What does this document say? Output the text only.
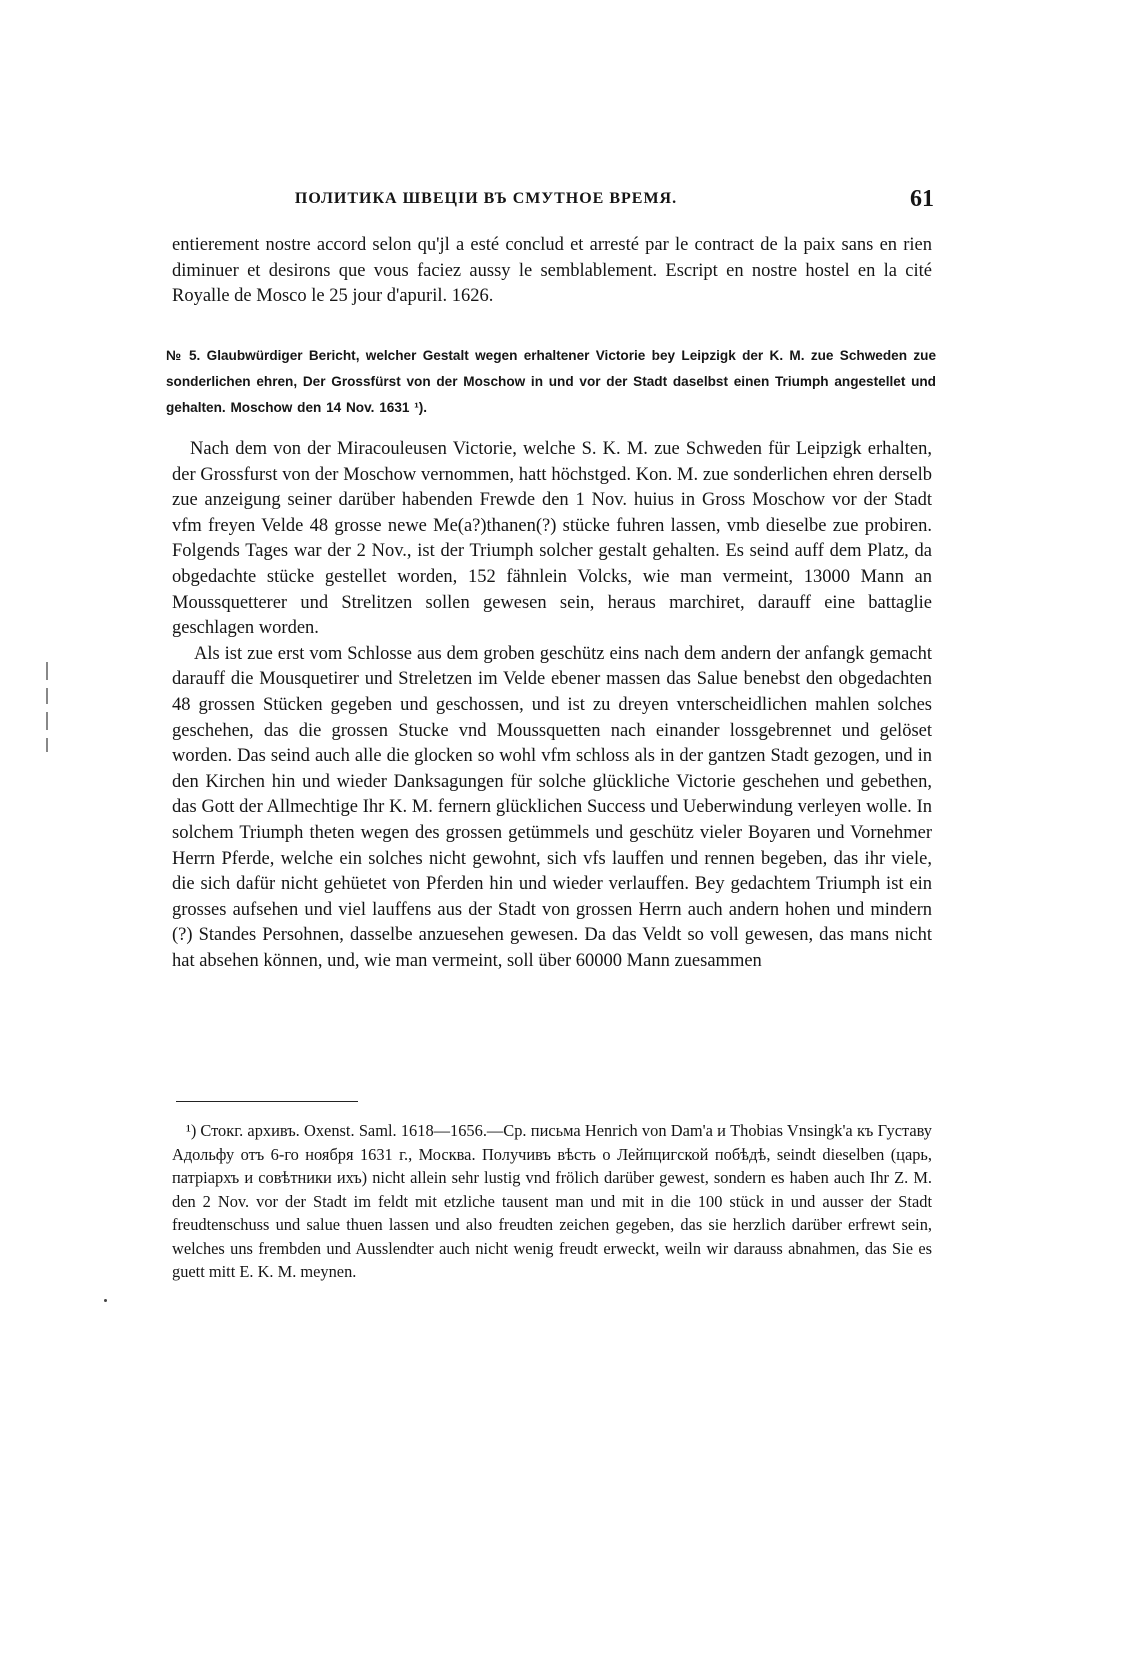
ПОЛИТИКА ШВЕЦIИ ВЪ СМУТНОЕ ВРЕМЯ.	61
entierement nostre accord selon qu'jl a esté conclud et arresté par le contract de la paix sans en rien diminuer et desirons que vous faciez aussy le semblablement. Escript en nostre hostel en la cité Royalle de Mosco le 25 jour d'apuril. 1626.
№ 5. Glaubwürdiger Bericht, welcher Gestalt wegen erhaltener Victorie bey Leipzigk der K. M. zue Schweden zue sonderlichen ehren, Der Grossfürst von der Moschow in und vor der Stadt daselbst einen Triumph angestellet und gehalten. Moschow den 14 Nov. 1631 ¹).

Nach dem von der Miracouleusen Victorie, welche S. K. M. zue Schweden für Leipzigk erhalten, der Grossfurst von der Moschow vernommen, hatt höchstged. Kon. M. zue sonderlichen ehren derselb zue anzeigung seiner darüber habenden Frewde den 1 Nov. huius in Gross Moschow vor der Stadt vfm freyen Velde 48 grosse newe Me(a?)thanen(?) stücke fuhren lassen, vmb dieselbe zue probiren. Folgends Tages war der 2 Nov., ist der Triumph solcher gestalt gehalten. Es seind auff dem Platz, da obgedachte stücke gestellet worden, 152 fähnlein Volcks, wie man vermeint, 13000 Mann an Moussquetterer und Strelitzen sollen gewesen sein, heraus marchiret, darauff eine battaglie geschlagen worden.

Als ist zue erst vom Schlosse aus dem groben geschütz eins nach dem andern der anfangk gemacht darauff die Mousquetirer und Streletzen im Velde ebener massen das Salue benebst den obgedachten 48 grossen Stücken gegeben und geschossen, und ist zu dreyen vnterscheidlichen mahlen solches geschehen, das die grossen Stucke vnd Moussquetten nach einander lossgebrennet und gelöset worden. Das seind auch alle die glocken so wohl vfm schloss als in der gantzen Stadt gezogen, und in den Kirchen hin und wieder Danksagungen für solche glückliche Victorie geschehen und gebethen, das Gott der Allmechtige Ihr K. M. fernern glücklichen Success und Ueberwindung verleyen wolle. In solchem Triumph theten wegen des grossen getümmels und geschütz vieler Boyaren und Vornehmer Herrn Pferde, welche ein solches nicht gewohnt, sich vfs lauffen und rennen begeben, das ihr viele, die sich dafür nicht gehüetet von Pferden hin und wieder verlauffen. Bey gedachtem Triumph ist ein grosses aufsehen und viel lauffens aus der Stadt von grossen Herrn auch andern hohen und mindern (?) Standes Persohnen, dasselbe anzuesehen gewesen. Da das Veldt so voll gewesen, das mans nicht hat absehen können, und, wie man vermeint, soll über 60000 Mann zuesammen

¹) Стокг. архивъ. Oxenst. Saml. 1618—1656.—Ср. письма Henrich von Dam'a и Thobias Vnsingk'a къ Густаву Адольфу отъ 6-го ноября 1631 г., Москва. Получивъ вѣсть о Лейпцигской побѣдѣ, seindt dieselben (царь, патрiархъ и совѣтники ихъ) nicht allein sehr lustig vnd frölich darüber gewest, sondern es haben auch Ihr Z. M. den 2 Nov. vor der Stadt im feldt mit etzliche tausent man und mit in die 100 stück in und ausser der Stadt freudtenschuss und salue thuen lassen und also freudten zeichen gegeben, das sie herzlich darüber erfrewt sein, welches uns frembden und Ausslendter auch nicht wenig freudt erweckt, weiln wir darauss abnahmen, das Sie es guett mitt E. K. M. meynen.
